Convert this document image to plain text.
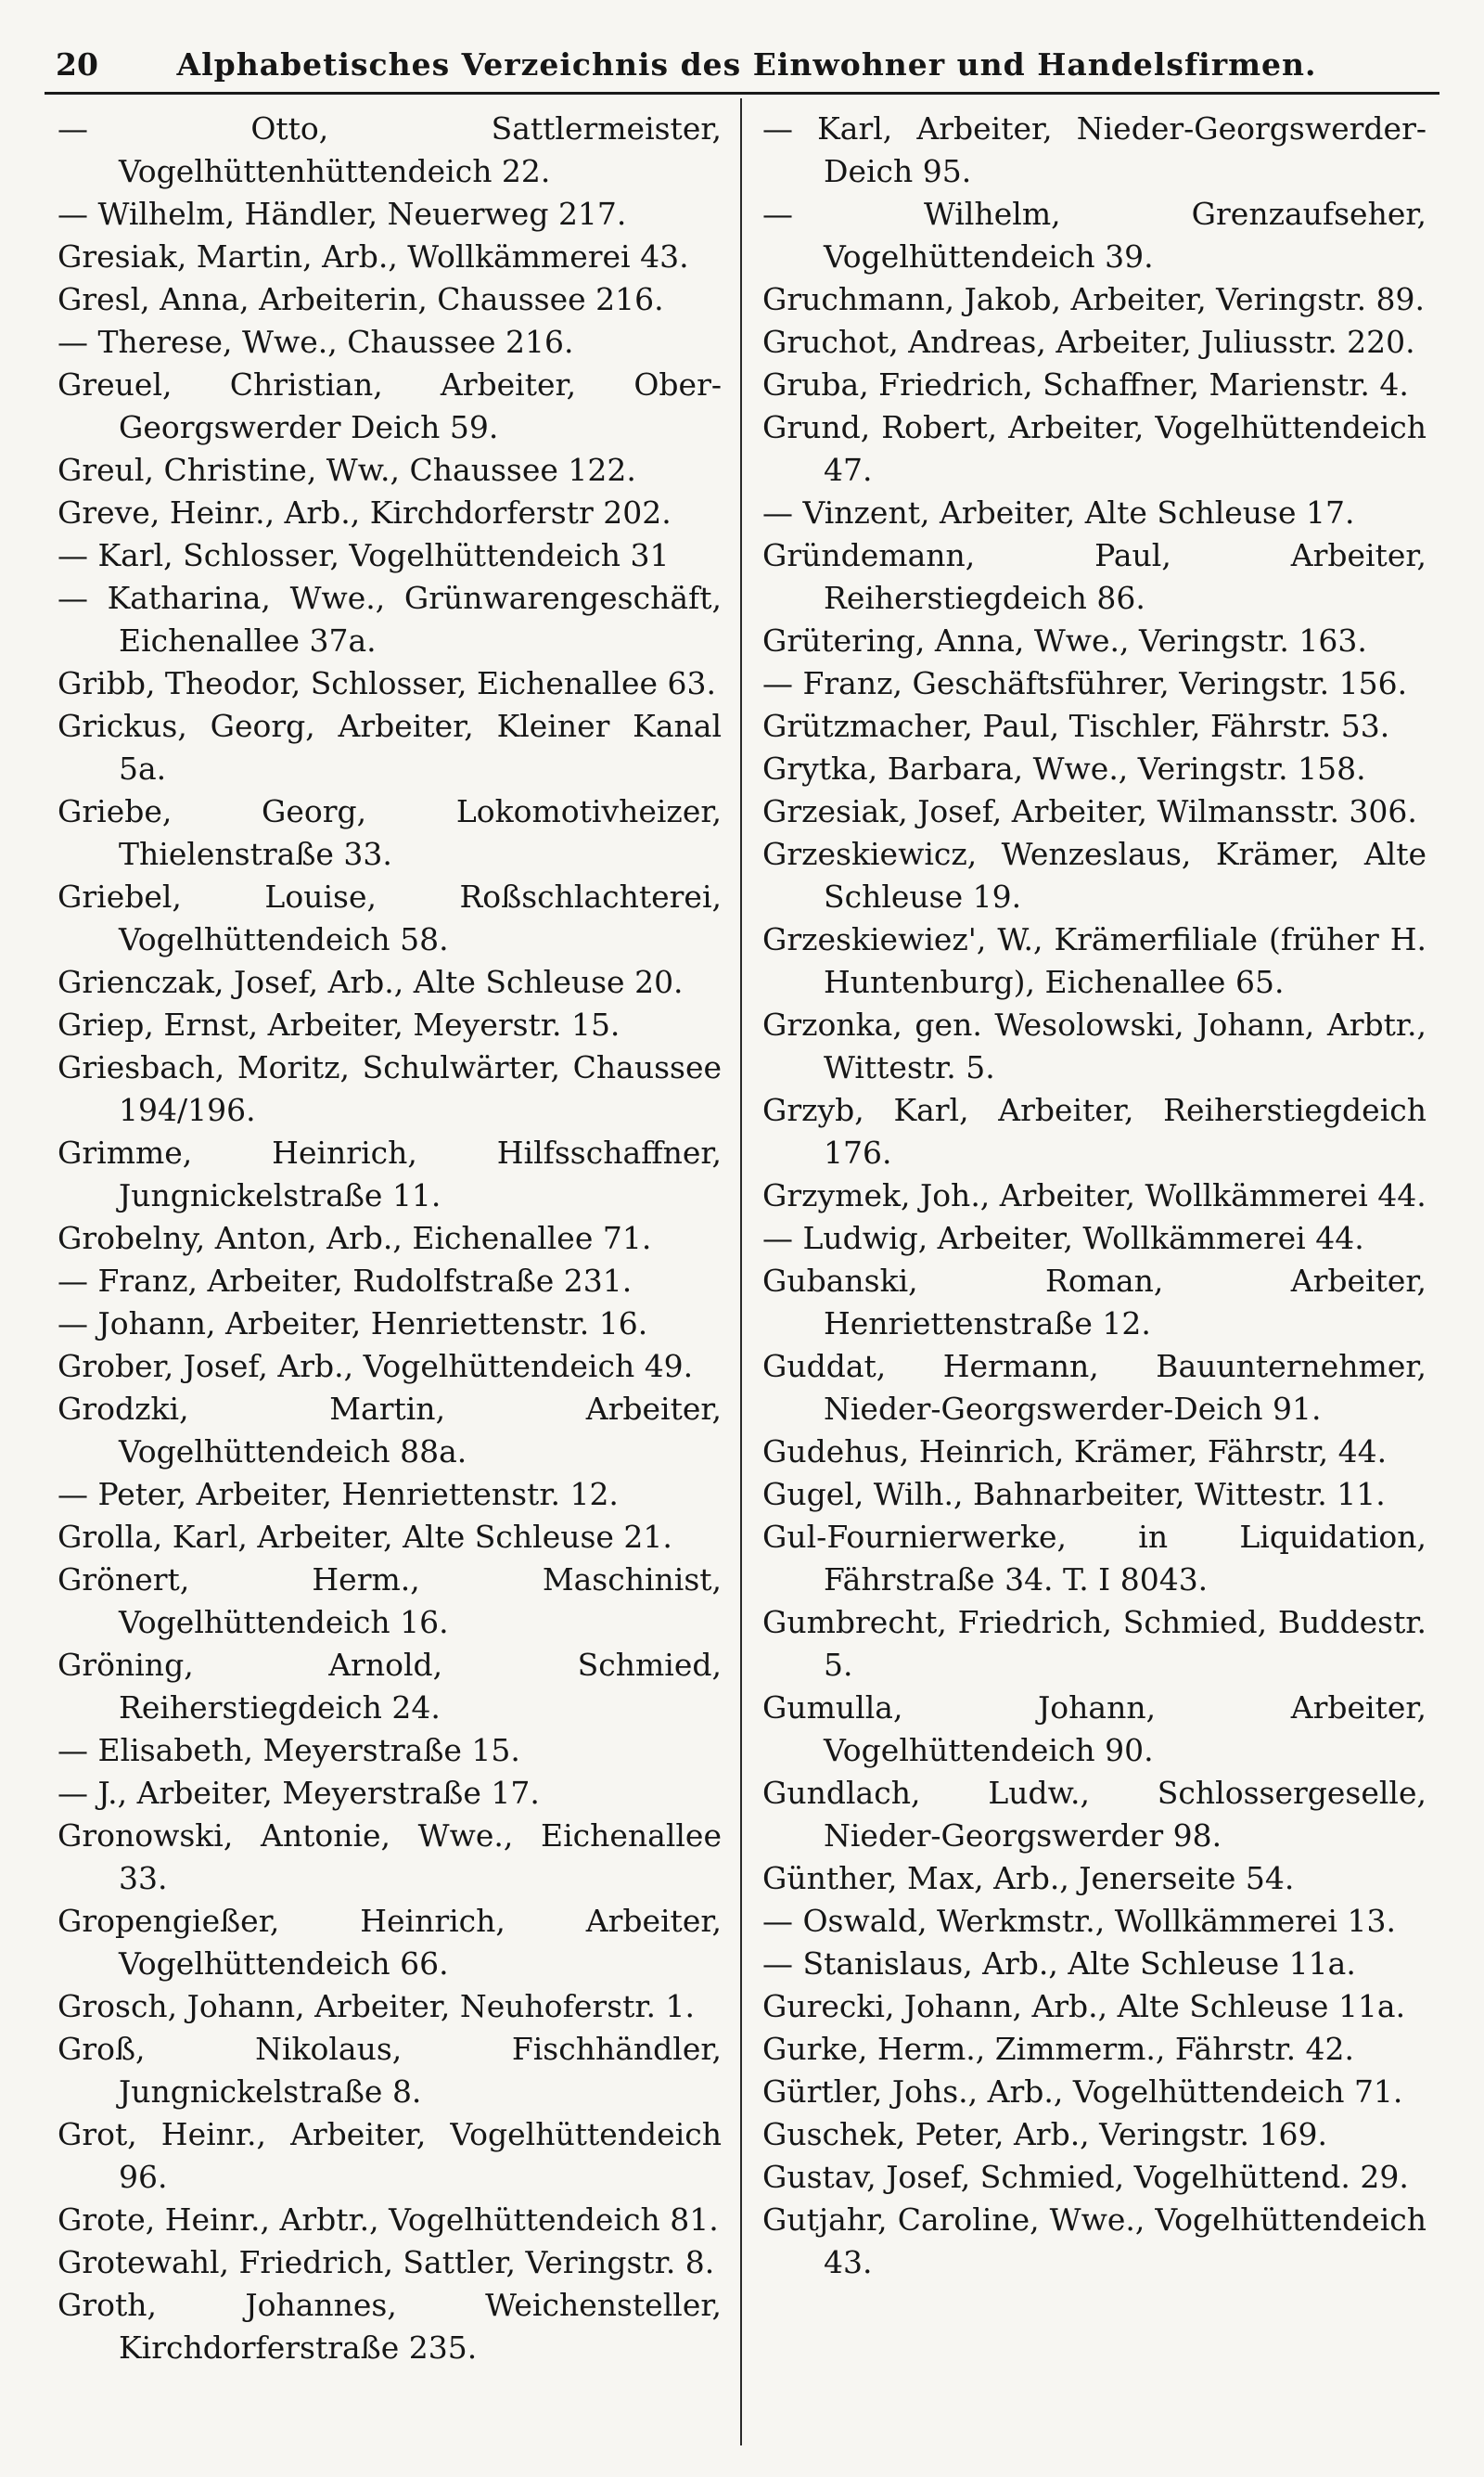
20	Alphabetisches Verzeichnis des Einwohner und Handelsfirmen.

— Otto, Sattlermeister, Vogelhüttenhüttendeich 22.

— Wilhelm, Händler, Neuerweg 217.

Gresiak, Martin, Arb., Wollkämmerei 43.

Gresl, Anna, Arbeiterin, Chaussee 216.

— Therese, Wwe., Chaussee 216.

Greuel, Christian, Arbeiter, Ober-Georgswerder Deich 59.

Greul, Christine, Ww., Chaussee 122.

Greve, Heinr., Arb., Kirchdorferstr 202.

— Karl, Schlosser, Vogelhüttendeich 31

— Katharina, Wwe., Grünwarengeschäft, Eichenallee 37a.

Gribb, Theodor, Schlosser, Eichenallee 63.

Grickus, Georg, Arbeiter, Kleiner Kanal 5a.

Griebe, Georg, Lokomotivheizer, Thielenstraße 33.

Griebel, Louise, Roßschlachterei, Vogelhüttendeich 58.

Grienczak, Josef, Arb., Alte Schleuse 20.

Griep, Ernst, Arbeiter, Meyerstr. 15.

Griesbach, Moritz, Schulwärter, Chaussee 194/196.

Grimme, Heinrich, Hilfsschaffner, Jungnickelstraße 11.

Grobelny, Anton, Arb., Eichenallee 71.

— Franz, Arbeiter, Rudolfstraße 231.

— Johann, Arbeiter, Henriettenstr. 16.

Grober, Josef, Arb., Vogelhüttendeich 49.

Grodzki, Martin, Arbeiter, Vogelhüttendeich 88a.

— Peter, Arbeiter, Henriettenstr. 12.

Grolla, Karl, Arbeiter, Alte Schleuse 21.

Grönert, Herm., Maschinist, Vogelhüttendeich 16.

Gröning, Arnold, Schmied, Reiherstiegdeich 24.

— Elisabeth, Meyerstraße 15.

— J., Arbeiter, Meyerstraße 17.

Gronowski, Antonie, Wwe., Eichenallee 33.

Gropengießer, Heinrich, Arbeiter, Vogelhüttendeich 66.

Grosch, Johann, Arbeiter, Neuhoferstr. 1.

Groß, Nikolaus, Fischhändler, Jungnickelstraße 8.

Grot, Heinr., Arbeiter, Vogelhüttendeich 96.

Grote, Heinr., Arbtr., Vogelhüttendeich 81.

Grotewahl, Friedrich, Sattler, Veringstr. 8.

Groth, Johannes, Weichensteller, Kirchdorferstraße 235.

— Karl, Arbeiter, Nieder-Georgswerder-Deich 95.

— Wilhelm, Grenzaufseher, Vogelhüttendeich 39.

Gruchmann, Jakob, Arbeiter, Veringstr. 89.

Gruchot, Andreas, Arbeiter, Juliusstr. 220.

Gruba, Friedrich, Schaffner, Marienstr. 4.

Grund, Robert, Arbeiter, Vogelhüttendeich 47.

— Vinzent, Arbeiter, Alte Schleuse 17.

Gründemann, Paul, Arbeiter, Reiherstiegdeich 86.

Grütering, Anna, Wwe., Veringstr. 163.

— Franz, Geschäftsführer, Veringstr. 156.

Grützmacher, Paul, Tischler, Fährstr. 53.

Grytka, Barbara, Wwe., Veringstr. 158.

Grzesiak, Josef, Arbeiter, Wilmansstr. 306.

Grzeskiewicz, Wenzeslaus, Krämer, Alte Schleuse 19.

Grzeskiewiez', W., Krämerfiliale (früher H. Huntenburg), Eichenallee 65.

Grzonka, gen. Wesolowski, Johann, Arbtr., Wittestr. 5.

Grzyb, Karl, Arbeiter, Reiherstiegdeich 176.

Grzymek, Joh., Arbeiter, Wollkämmerei 44.

— Ludwig, Arbeiter, Wollkämmerei 44.

Gubanski, Roman, Arbeiter, Henriettenstraße 12.

Guddat, Hermann, Bauunternehmer, Nieder-Georgswerder-Deich 91.

Gudehus, Heinrich, Krämer, Fährstr, 44.

Gugel, Wilh., Bahnarbeiter, Wittestr. 11.

Gul-Fournierwerke, in Liquidation, Fährstraße 34. T. I 8043.

Gumbrecht, Friedrich, Schmied, Buddestr. 5.

Gumulla, Johann, Arbeiter, Vogelhüttendeich 90.

Gundlach, Ludw., Schlossergeselle, Nieder-Georgswerder 98.

Günther, Max, Arb., Jenerseite 54.

— Oswald, Werkmstr., Wollkämmerei 13.

— Stanislaus, Arb., Alte Schleuse 11a.

Gurecki, Johann, Arb., Alte Schleuse 11a.

Gurke, Herm., Zimmerm., Fährstr. 42.

Gürtler, Johs., Arb., Vogelhüttendeich 71.

Guschek, Peter, Arb., Veringstr. 169.

Gustav, Josef, Schmied, Vogelhüttend. 29.

Gutjahr, Caroline, Wwe., Vogelhüttendeich 43.
